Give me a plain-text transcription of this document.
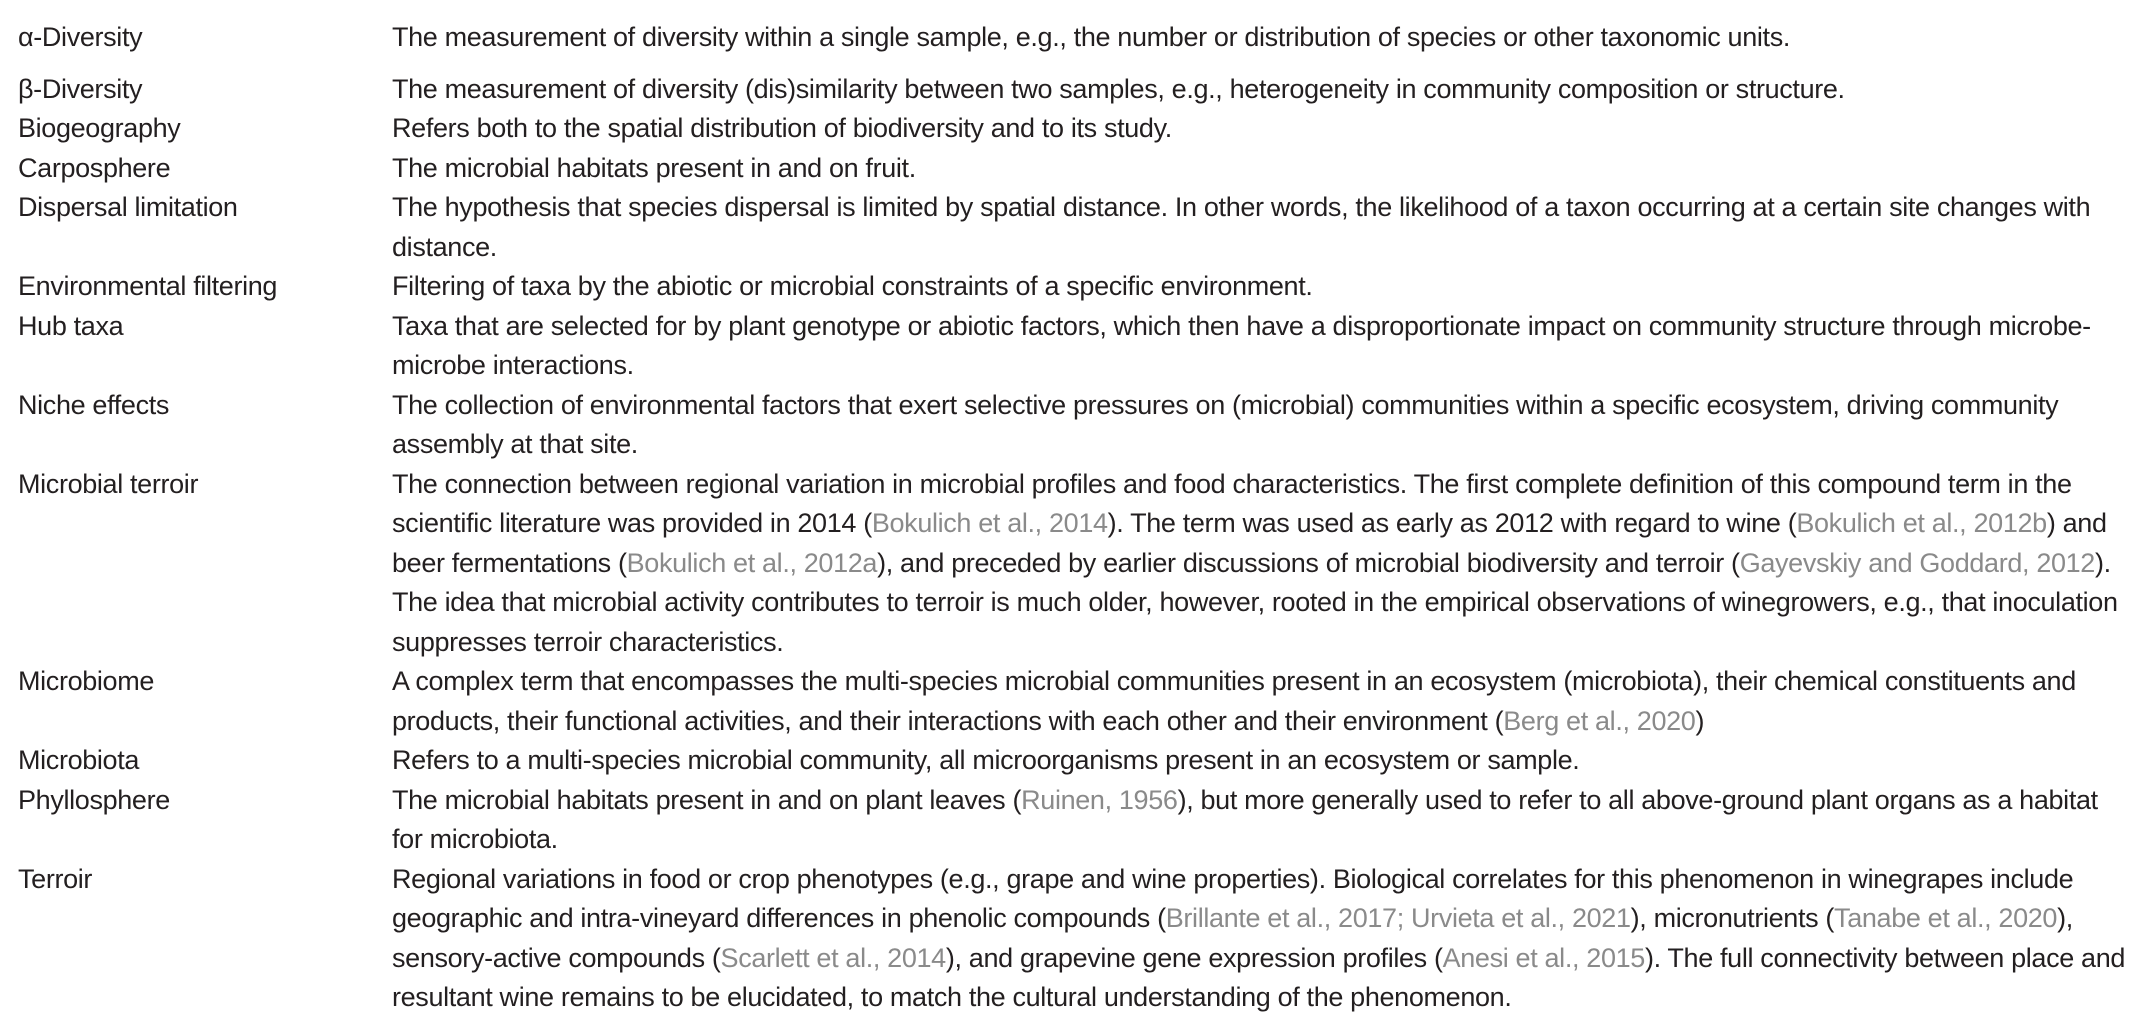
α-Diversity	The measurement of diversity within a single sample, e.g., the number or distribution of species or other taxonomic units.
β-Diversity	The measurement of diversity (dis)similarity between two samples, e.g., heterogeneity in community composition or structure.
Biogeography	Refers both to the spatial distribution of biodiversity and to its study.
Carposphere	The microbial habitats present in and on fruit.
Dispersal limitation	The hypothesis that species dispersal is limited by spatial distance. In other words, the likelihood of a taxon occurring at a certain site changes with distance.
Environmental filtering	Filtering of taxa by the abiotic or microbial constraints of a specific environment.
Hub taxa	Taxa that are selected for by plant genotype or abiotic factors, which then have a disproportionate impact on community structure through microbe-microbe interactions.
Niche effects	The collection of environmental factors that exert selective pressures on (microbial) communities within a specific ecosystem, driving community assembly at that site.
Microbial terroir	The connection between regional variation in microbial profiles and food characteristics. The first complete definition of this compound term in the scientific literature was provided in 2014 (Bokulich et al., 2014). The term was used as early as 2012 with regard to wine (Bokulich et al., 2012b) and beer fermentations (Bokulich et al., 2012a), and preceded by earlier discussions of microbial biodiversity and terroir (Gayevskiy and Goddard, 2012). The idea that microbial activity contributes to terroir is much older, however, rooted in the empirical observations of winegrowers, e.g., that inoculation suppresses terroir characteristics.
Microbiome	A complex term that encompasses the multi-species microbial communities present in an ecosystem (microbiota), their chemical constituents and products, their functional activities, and their interactions with each other and their environment (Berg et al., 2020)
Microbiota	Refers to a multi-species microbial community, all microorganisms present in an ecosystem or sample.
Phyllosphere	The microbial habitats present in and on plant leaves (Ruinen, 1956), but more generally used to refer to all above-ground plant organs as a habitat for microbiota.
Terroir	Regional variations in food or crop phenotypes (e.g., grape and wine properties). Biological correlates for this phenomenon in winegrapes include geographic and intra-vineyard differences in phenolic compounds (Brillante et al., 2017; Urvieta et al., 2021), micronutrients (Tanabe et al., 2020), sensory-active compounds (Scarlett et al., 2014), and grapevine gene expression profiles (Anesi et al., 2015). The full connectivity between place and resultant wine remains to be elucidated, to match the cultural understanding of the phenomenon.
